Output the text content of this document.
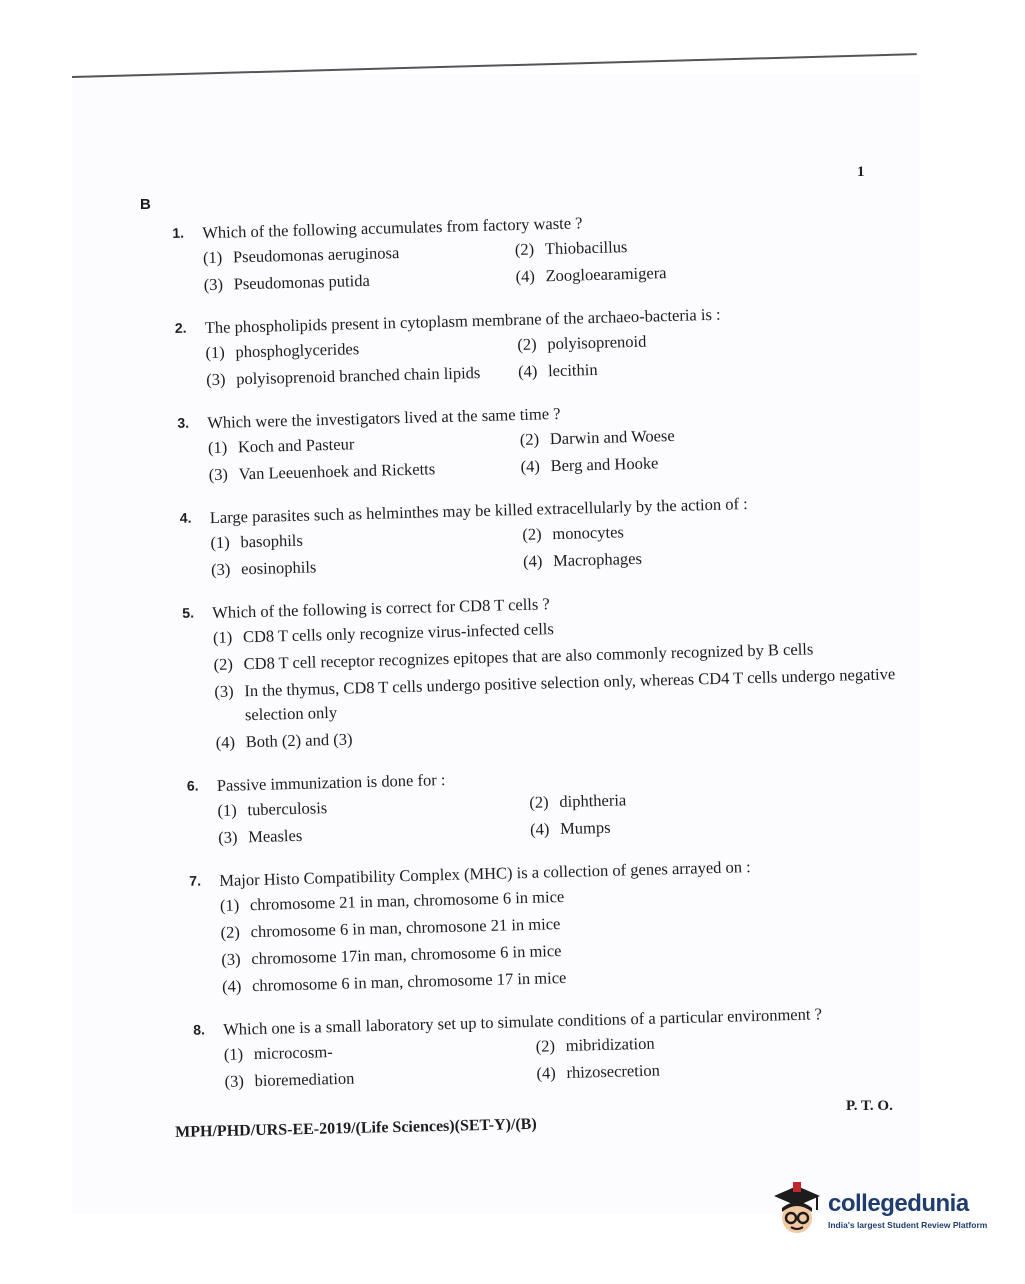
1
B
1.	Which of the following accumulates from factory waste ?
(1) Pseudomonas aeruginosa	(2) Thiobacillus
(3) Pseudomonas putida	(4) Zoogloearamigera
2.	The phospholipids present in cytoplasm membrane of the archaeo-bacteria is :
(1) phosphoglycerides	(2) polyisoprenoid
(3) polyisoprenoid branched chain lipids	(4) lecithin
3.	Which were the investigators lived at the same time ?
(1) Koch and Pasteur	(2) Darwin and Woese
(3) Van Leeuenhoek and Ricketts	(4) Berg and Hooke
4.	Large parasites such as helminthes may be killed extracellularly by the action of :
(1) basophils	(2) monocytes
(3) eosinophils	(4) Macrophages
5.	Which of the following is correct for CD8 T cells ?
(1) CD8 T cells only recognize virus-infected cells
(2) CD8 T cell receptor recognizes epitopes that are also commonly recognized by B cells
(3) In the thymus, CD8 T cells undergo positive selection only, whereas CD4 T cells undergo negative selection only
(4) Both (2) and (3)
6.	Passive immunization is done for :
(1) tuberculosis	(2) diphtheria
(3) Measles	(4) Mumps
7.	Major Histo Compatibility Complex (MHC) is a collection of genes arrayed on :
(1) chromosome 21 in man, chromosome 6 in mice
(2) chromosome 6 in man, chromosone 21 in mice
(3) chromosome 17in man, chromosome 6 in mice
(4) chromosome 6 in man, chromosome 17 in mice
8.	Which one is a small laboratory set up to simulate conditions of a particular environment ?
(1) microcosm-	(2) mibridization
(3) bioremediation	(4) rhizosecretion
MPH/PHD/URS-EE-2019/(Life Sciences)(SET-Y)/(B)
P. T. O.
collegedunia
India's largest Student Review Platform
